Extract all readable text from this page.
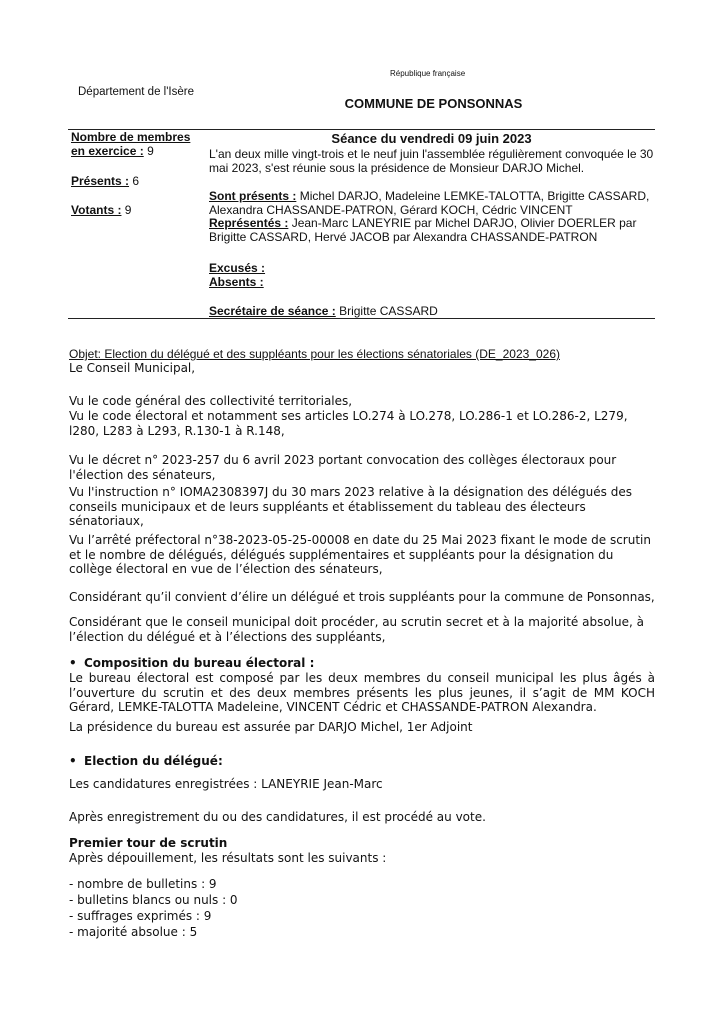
République française
Département de l'Isère
COMMUNE DE PONSONNAS
Nombre de membres
en exercice : 9
Présents : 6
Votants : 9
Séance du vendredi 09 juin 2023
L'an deux mille vingt-trois et le neuf juin l'assemblée régulièrement convoquée le 30 mai 2023, s'est réunie sous la présidence de Monsieur DARJO Michel.
Sont présents : Michel DARJO, Madeleine LEMKE-TALOTTA, Brigitte CASSARD, Alexandra CHASSANDE-PATRON, Gérard KOCH, Cédric VINCENT
Représentés : Jean-Marc LANEYRIE par Michel DARJO, Olivier DOERLER par Brigitte CASSARD, Hervé JACOB par Alexandra CHASSANDE-PATRON
Excusés :
Absents :
Secrétaire de séance : Brigitte CASSARD
Objet: Election du délégué et des suppléants pour les élections sénatoriales (DE_2023_026)
Le Conseil Municipal,
Vu le code général des collectivité territoriales,
Vu le code électoral et notamment ses articles LO.274 à LO.278, LO.286-1 et LO.286-2, L279, l280, L283 à L293, R.130-1 à R.148,
Vu le décret n° 2023-257 du 6 avril 2023 portant convocation des collèges électoraux pour l'élection des sénateurs,
Vu l'instruction n° IOMA2308397J du 30 mars 2023 relative à la désignation des délégués des conseils municipaux et de leurs suppléants et établissement du tableau des électeurs sénatoriaux,
Vu l’arrêté préfectoral n°38-2023-05-25-00008 en date du 25 Mai 2023 fixant le mode de scrutin et le nombre de délégués, délégués supplémentaires et suppléants pour la désignation du collège électoral en vue de l’élection des sénateurs,
Considérant qu’il convient d’élire un délégué et trois suppléants pour la commune de Ponsonnas,
Considérant que le conseil municipal doit procéder, au scrutin secret et à la majorité absolue, à l’élection du délégué et à l’élections des suppléants,
• Composition du bureau électoral :
Le bureau électoral est composé par les deux membres du conseil municipal les plus âgés à l’ouverture du scrutin et des deux membres présents les plus jeunes, il s’agit de MM KOCH Gérard, LEMKE-TALOTTA Madeleine, VINCENT Cédric et CHASSANDE-PATRON Alexandra.
La présidence du bureau est assurée par DARJO Michel, 1er Adjoint
• Election du délégué:
Les candidatures enregistrées : LANEYRIE Jean-Marc
Après enregistrement du ou des candidatures, il est procédé au vote.
Premier tour de scrutin
Après dépouillement, les résultats sont les suivants :
- nombre de bulletins : 9
- bulletins blancs ou nuls : 0
- suffrages exprimés : 9
- majorité absolue : 5
